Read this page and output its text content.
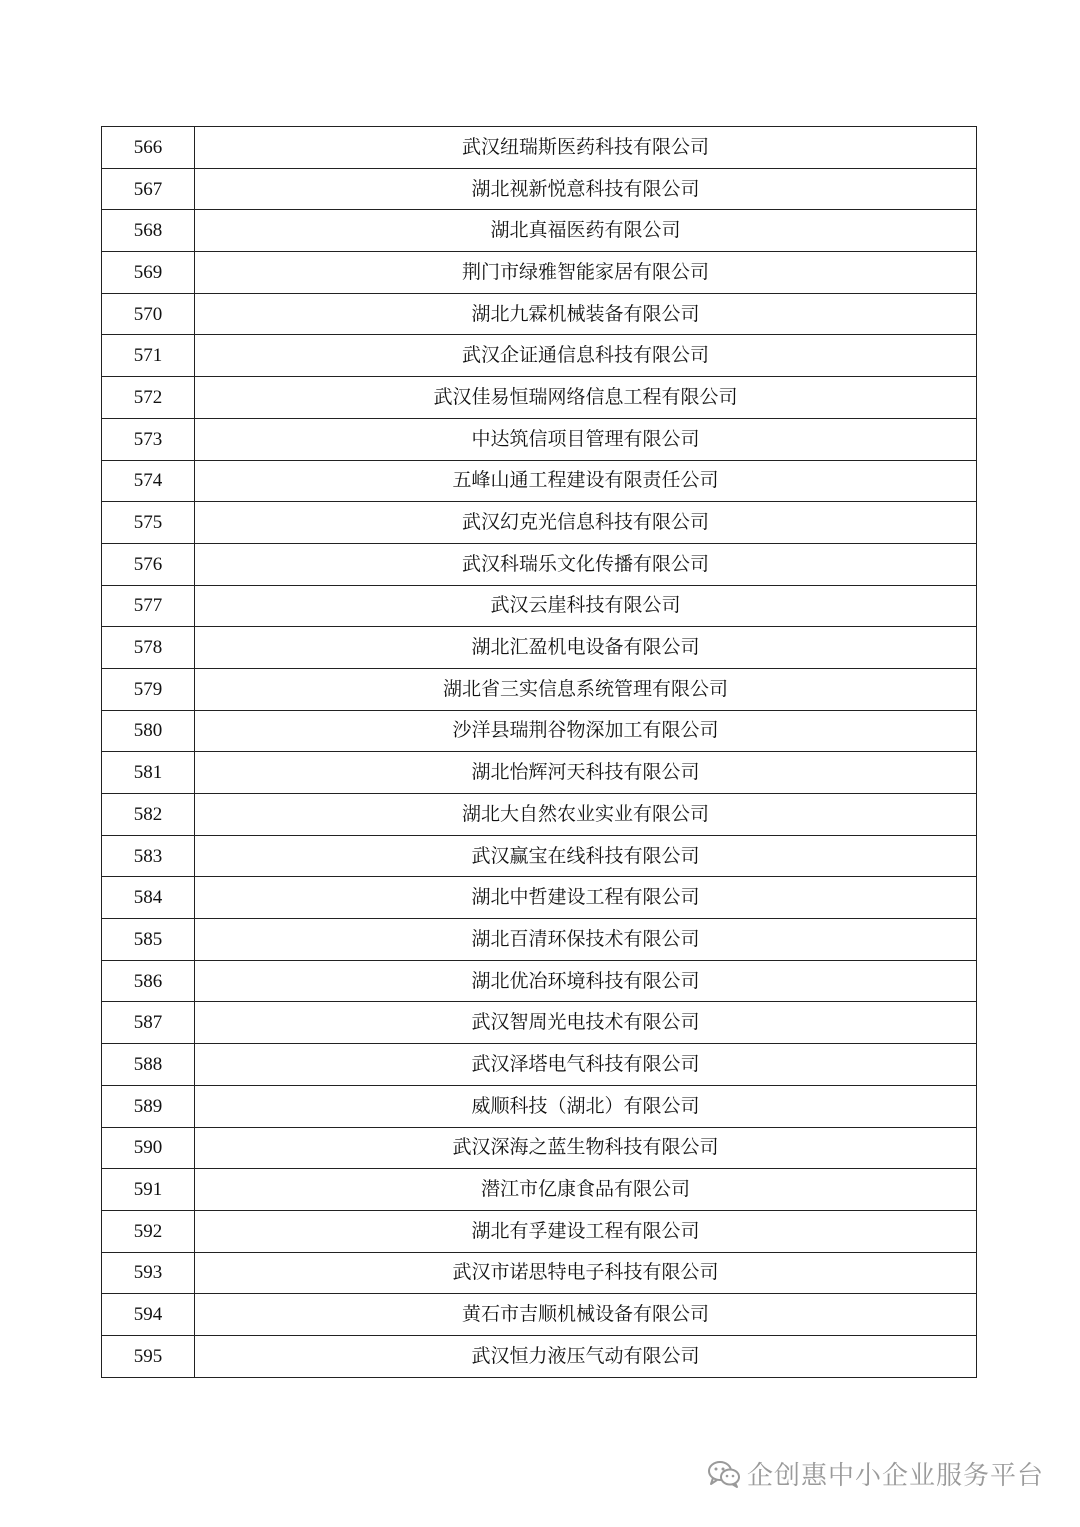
566	武汉纽瑞斯医药科技有限公司
567	湖北视新悦意科技有限公司
568	湖北真福医药有限公司
569	荆门市绿雅智能家居有限公司
570	湖北九霖机械装备有限公司
571	武汉企证通信息科技有限公司
572	武汉佳易恒瑞网络信息工程有限公司
573	中达筑信项目管理有限公司
574	五峰山通工程建设有限责任公司
575	武汉幻克光信息科技有限公司
576	武汉科瑞乐文化传播有限公司
577	武汉云崖科技有限公司
578	湖北汇盈机电设备有限公司
579	湖北省三实信息系统管理有限公司
580	沙洋县瑞荆谷物深加工有限公司
581	湖北怡辉河天科技有限公司
582	湖北大自然农业实业有限公司
583	武汉赢宝在线科技有限公司
584	湖北中哲建设工程有限公司
585	湖北百清环保技术有限公司
586	湖北优冶环境科技有限公司
587	武汉智周光电技术有限公司
588	武汉泽塔电气科技有限公司
589	威顺科技（湖北）有限公司
590	武汉深海之蓝生物科技有限公司
591	潜江市亿康食品有限公司
592	湖北有孚建设工程有限公司
593	武汉市诺思特电子科技有限公司
594	黄石市吉顺机械设备有限公司
595	武汉恒力液压气动有限公司
企创惠中小企业服务平台
